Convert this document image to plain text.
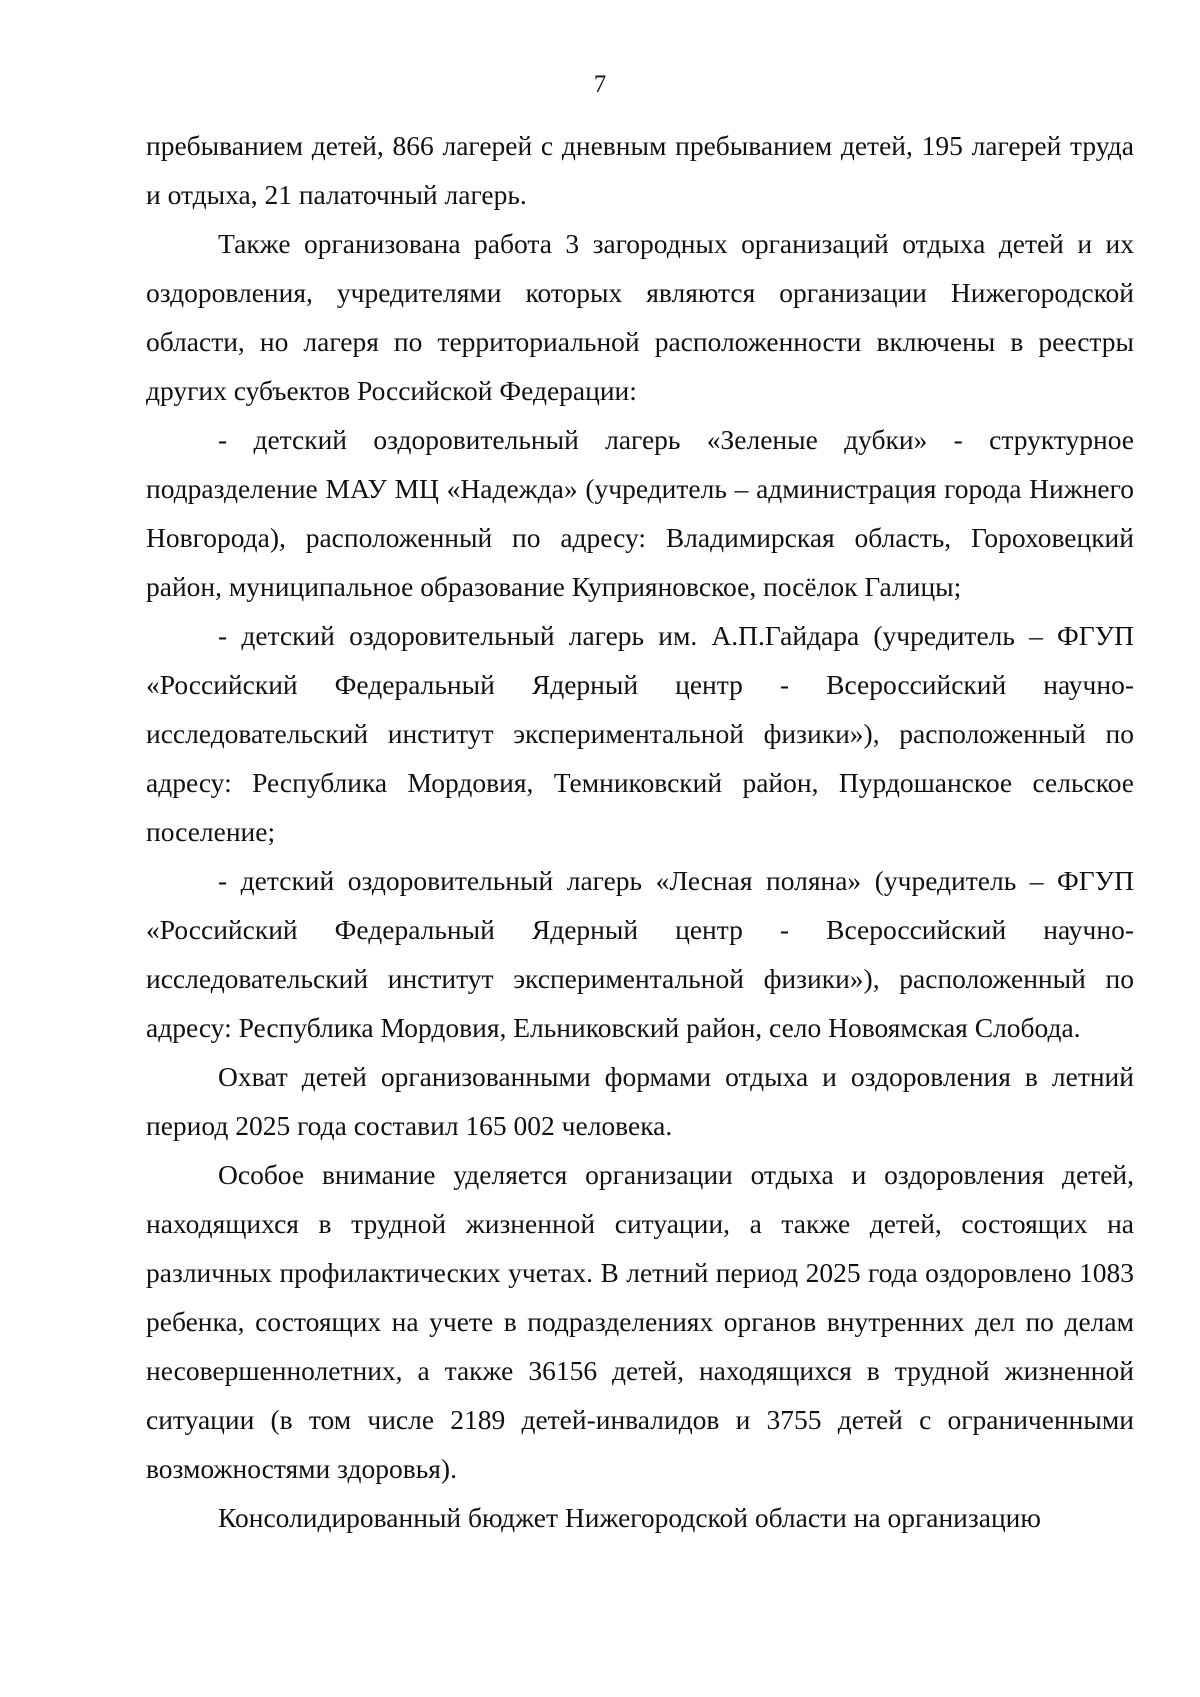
7

пребыванием детей, 866 лагерей с дневным пребыванием детей, 195 лагерей труда и отдыха, 21 палаточный лагерь.

Также организована работа 3 загородных организаций отдыха детей и их оздоровления, учредителями которых являются организации Нижегородской области, но лагеря по территориальной расположенности включены в реестры других субъектов Российской Федерации:

- детский оздоровительный лагерь «Зеленые дубки» - структурное подразделение МАУ МЦ «Надежда» (учредитель – администрация города Нижнего Новгорода), расположенный по адресу: Владимирская область, Гороховецкий район, муниципальное образование Куприяновское, посёлок Галицы;

- детский оздоровительный лагерь им. А.П.Гайдара (учредитель – ФГУП «Российский Федеральный Ядерный центр - Всероссийский научно-исследовательский институт экспериментальной физики»), расположенный по адресу: Республика Мордовия, Темниковский район, Пурдошанское сельское поселение;

- детский оздоровительный лагерь «Лесная поляна» (учредитель – ФГУП «Российский Федеральный Ядерный центр - Всероссийский научно-исследовательский институт экспериментальной физики»), расположенный по адресу: Республика Мордовия, Ельниковский район, село Новоямская Слобода.

Охват детей организованными формами отдыха и оздоровления в летний период 2025 года составил 165 002 человека.

Особое внимание уделяется организации отдыха и оздоровления детей, находящихся в трудной жизненной ситуации, а также детей, состоящих на различных профилактических учетах. В летний период 2025 года оздоровлено 1083 ребенка, состоящих на учете в подразделениях органов внутренних дел по делам несовершеннолетних, а также 36156 детей, находящихся в трудной жизненной ситуации (в том числе 2189 детей-инвалидов и 3755 детей с ограниченными возможностями здоровья).

Консолидированный бюджет Нижегородской области на организацию
